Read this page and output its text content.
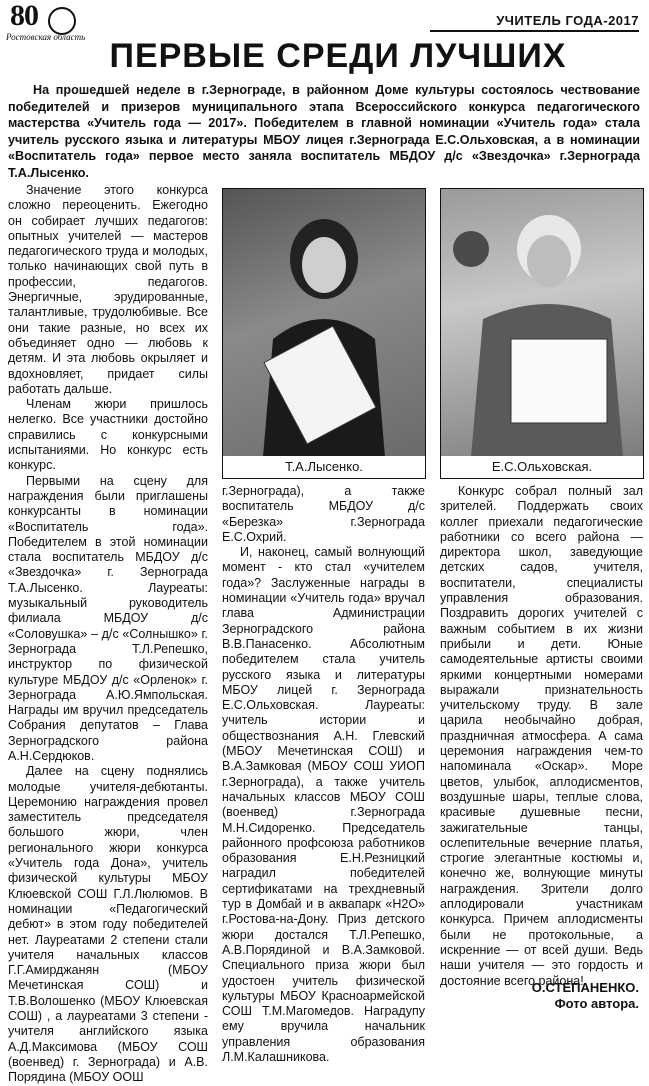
80
Ростовская область
УЧИТЕЛЬ ГОДА-2017
ПЕРВЫЕ СРЕДИ ЛУЧШИХ

На прошедшей неделе в г.Зернограде, в районном Доме культуры состоялось чествование победителей и призеров муниципального этапа Всероссийского конкурса педагогического мастерства «Учитель года — 2017». Победителем в главной номинации «Учитель года» стала учитель русского языка и литературы МБОУ лицея г.Зернограда Е.С.Ольховская, а в номинации «Воспитатель года» первое место заняла воспитатель МБДОУ д/с «Звездочка» г.Зернограда Т.А.Лысенко.

Значение этого конкурса сложно переоценить. Ежегодно он собирает лучших педагогов: опытных учителей — мастеров педагогического труда и молодых, только начинающих свой путь в профессии, педагогов. Энергичные, эрудированные, талантливые, трудолюбивые. Все они такие разные, но всех их объединяет одно — любовь к детям. И эта любовь окрыляет и вдохновляет, придает силы работать дальше.

Членам жюри пришлось нелегко. Все участники достойно справились с конкурсными испытаниями. Но конкурс есть конкурс.

Первыми на сцену для награждения были приглашены конкурсанты в номинации «Воспитатель года». Победителем в этой номинации стала воспитатель МБДОУ д/с «Звездочка» г. Зернограда Т.А.Лысенко. Лауреаты: музыкальный руководитель филиала МБДОУ д/с «Соловушка» – д/с «Солнышко» г. Зернограда Т.Л.Репешко, инструктор по физической культуре МБДОУ д/с «Орленок» г. Зернограда А.Ю.Ямпольская. Награды им вручил председатель Собрания депутатов – Глава Зерноградского района А.Н.Сердюков.

Далее на сцену поднялись молодые учителя-дебютанты. Церемонию награждения провел заместитель председателя большого жюри, член регионального жюри конкурса «Учитель года Дона», учитель физической культуры МБОУ Клюевской СОШ Г.Л.Люлюмов. В номинации «Педагогический дебют» в этом году победителей нет. Лауреатами 2 степени стали учителя начальных классов Г.Г.Амирджанян (МБОУ Мечетинская СОШ) и Т.В.Волошенко (МБОУ Клюевская СОШ) , а лауреатами 3 степени - учителя английского языка А.Д.Максимова (МБОУ СОШ (военвед) г. Зернограда) и А.В. Порядина (МБОУ ООШ

Т.А.Лысенко.	Е.С.Ольховская.

г.Зернограда), а также воспитатель МБДОУ д/с «Березка» г.Зернограда Е.С.Охрий.

И, наконец, самый волнующий момент - кто стал «учителем года»? Заслуженные награды в номинации «Учитель года» вручал глава Администрации Зерноградского района В.В.Панасенко. Абсолютным победителем стала учитель русского языка и литературы МБОУ лицей г. Зернограда Е.С.Ольховская. Лауреаты: учитель истории и обществознания А.Н. Глевский (МБОУ Мечетинская СОШ) и В.А.Замковая (МБОУ СОШ УИОП г.Зернограда), а также учитель начальных классов МБОУ СОШ (военвед) г.Зернограда М.Н.Сидоренко. Председатель районного профсоюза работников образования Е.Н.Резницкий наградил победителей сертификатами на трехдневный тур в Домбай и в аквапарк «Н2О» г.Ростова-на-Дону. Приз детского жюри достался Т.Л.Репешко, А.В.Порядиной и В.А.Замковой. Специального приза жюри был удостоен учитель физической культуры МБОУ Красноармейской СОШ Т.М.Магомедов. Наградупу ему вручила начальник управления образования Л.М.Калашникова.

Конкурс собрал полный зал зрителей. Поддержать своих коллег приехали педагогические работники со всего района — директора школ, заведующие детских садов, учителя, воспитатели, специалисты управления образования. Поздравить дорогих учителей с важным событием в их жизни прибыли и дети. Юные самодеятельные артисты своими яркими концертными номерами выражали признательность учительскому труду. В зале царила необычайно добрая, праздничная атмосфера. А сама церемония награждения чем-то напоминала «Оскар». Море цветов, улыбок, аплодисментов, воздушные шары, теплые слова, красивые душевные песни, зажигательные танцы, ослепительные вечерние платья, строгие элегантные костюмы и, конечно же, волнующие минуты награждения. Зрители долго аплодировали участникам конкурса. Причем аплодисменты были не протокольные, а искренние — от всей души. Ведь наши учителя — это гордость и достояние всего района!

О.СТЕПАНЕНКО.
Фото автора.
